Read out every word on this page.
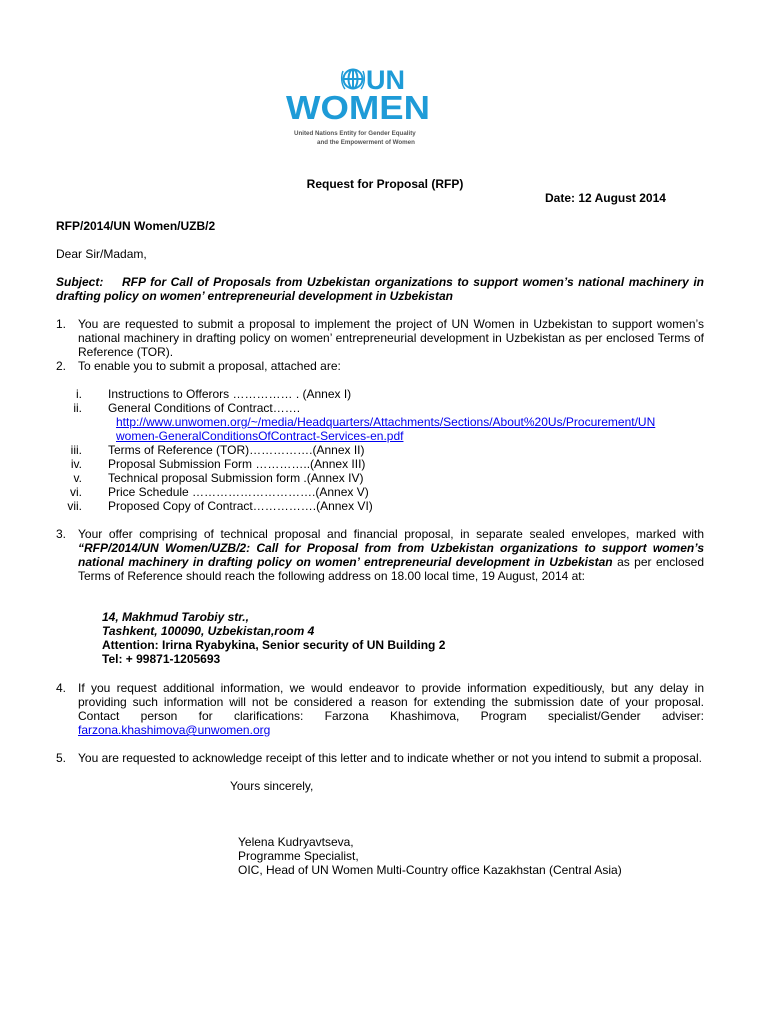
UN
WOMEN
United Nations Entity for Gender Equality
and the Empowerment of Women
Request for Proposal (RFP)
Date: 12 August 2014
RFP/2014/UN Women/UZB/2
Dear Sir/Madam,
Subject: RFP for Call of Proposals from Uzbekistan organizations to support women’s national machinery in drafting policy on women’ entrepreneurial development in Uzbekistan
1. You are requested to submit a proposal to implement the project of UN Women in Uzbekistan to support women’s national machinery in drafting policy on women’ entrepreneurial development in Uzbekistan as per enclosed Terms of Reference (TOR).
2. To enable you to submit a proposal, attached are:
i. Instructions to Offerors …………… . (Annex I)
ii. General Conditions of Contract…….
http://www.unwomen.org/~/media/Headquarters/Attachments/Sections/About%20Us/Procurement/UN
women-GeneralConditionsOfContract-Services-en.pdf
iii. Terms of Reference (TOR)…………….(Annex II)
iv. Proposal Submission Form …………..(Annex III)
v. Technical proposal Submission form .(Annex IV)
vi. Price Schedule ………………………….(Annex V)
vii. Proposed Copy of Contract…………….(Annex VI)
3. Your offer comprising of technical proposal and financial proposal, in separate sealed envelopes, marked with “RFP/2014/UN Women/UZB/2: Call for Proposal from from Uzbekistan organizations to support women’s national machinery in drafting policy on women’ entrepreneurial development in Uzbekistan as per enclosed Terms of Reference should reach the following address on 18.00 local time, 19 August, 2014 at:
14, Makhmud Tarobiy str.,
Tashkent, 100090, Uzbekistan,room 4
Attention: Irirna Ryabykina, Senior security of UN Building 2
Tel: + 99871-1205693
4. If you request additional information, we would endeavor to provide information expeditiously, but any delay in providing such information will not be considered a reason for extending the submission date of your proposal. Contact person for clarifications: Farzona Khashimova, Program specialist/Gender adviser: farzona.khashimova@unwomen.org
5. You are requested to acknowledge receipt of this letter and to indicate whether or not you intend to submit a proposal.
Yours sincerely,
Yelena Kudryavtseva,
Programme Specialist,
OIC, Head of UN Women Multi-Country office Kazakhstan (Central Asia)
